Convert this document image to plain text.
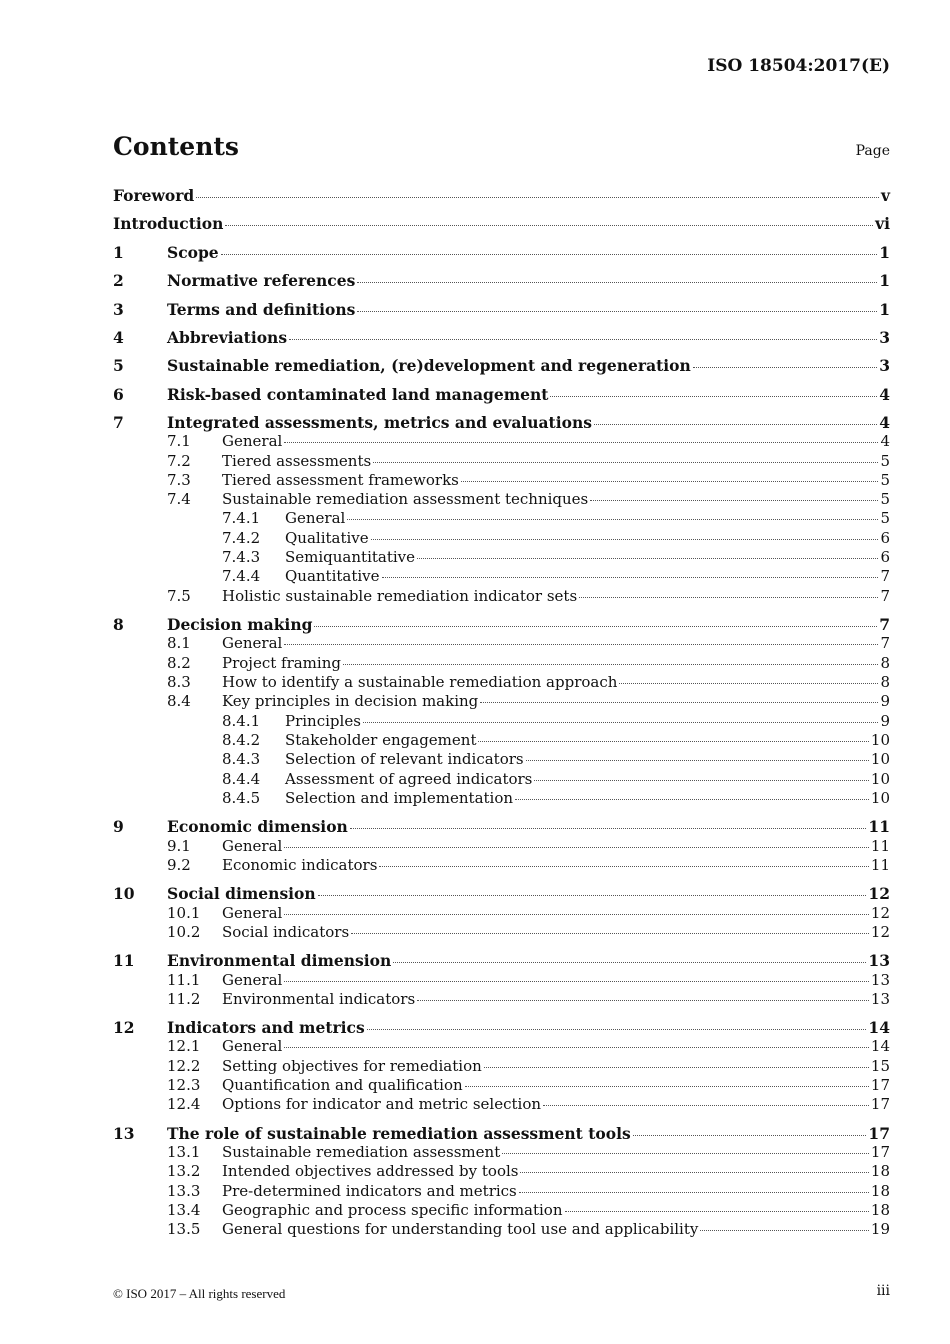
ISO 18504:2017(E)
Contents	Page
Foreword	v
Introduction	vi
1	Scope	1
2	Normative references	1
3	Terms and definitions	1
4	Abbreviations	3
5	Sustainable remediation, (re)development and regeneration	3
6	Risk-based contaminated land management	4
7	Integrated assessments, metrics and evaluations	4
7.1	General	4
7.2	Tiered assessments	5
7.3	Tiered assessment frameworks	5
7.4	Sustainable remediation assessment techniques	5
7.4.1	General	5
7.4.2	Qualitative	6
7.4.3	Semiquantitative	6
7.4.4	Quantitative	7
7.5	Holistic sustainable remediation indicator sets	7
8	Decision making	7
8.1	General	7
8.2	Project framing	8
8.3	How to identify a sustainable remediation approach	8
8.4	Key principles in decision making	9
8.4.1	Principles	9
8.4.2	Stakeholder engagement	10
8.4.3	Selection of relevant indicators	10
8.4.4	Assessment of agreed indicators	10
8.4.5	Selection and implementation	10
9	Economic dimension	11
9.1	General	11
9.2	Economic indicators	11
10	Social dimension	12
10.1	General	12
10.2	Social indicators	12
11	Environmental dimension	13
11.1	General	13
11.2	Environmental indicators	13
12	Indicators and metrics	14
12.1	General	14
12.2	Setting objectives for remediation	15
12.3	Quantification and qualification	17
12.4	Options for indicator and metric selection	17
13	The role of sustainable remediation assessment tools	17
13.1	Sustainable remediation assessment	17
13.2	Intended objectives addressed by tools	18
13.3	Pre-determined indicators and metrics	18
13.4	Geographic and process specific information	18
13.5	General questions for understanding tool use and applicability	19
© ISO 2017 – All rights reserved	iii
